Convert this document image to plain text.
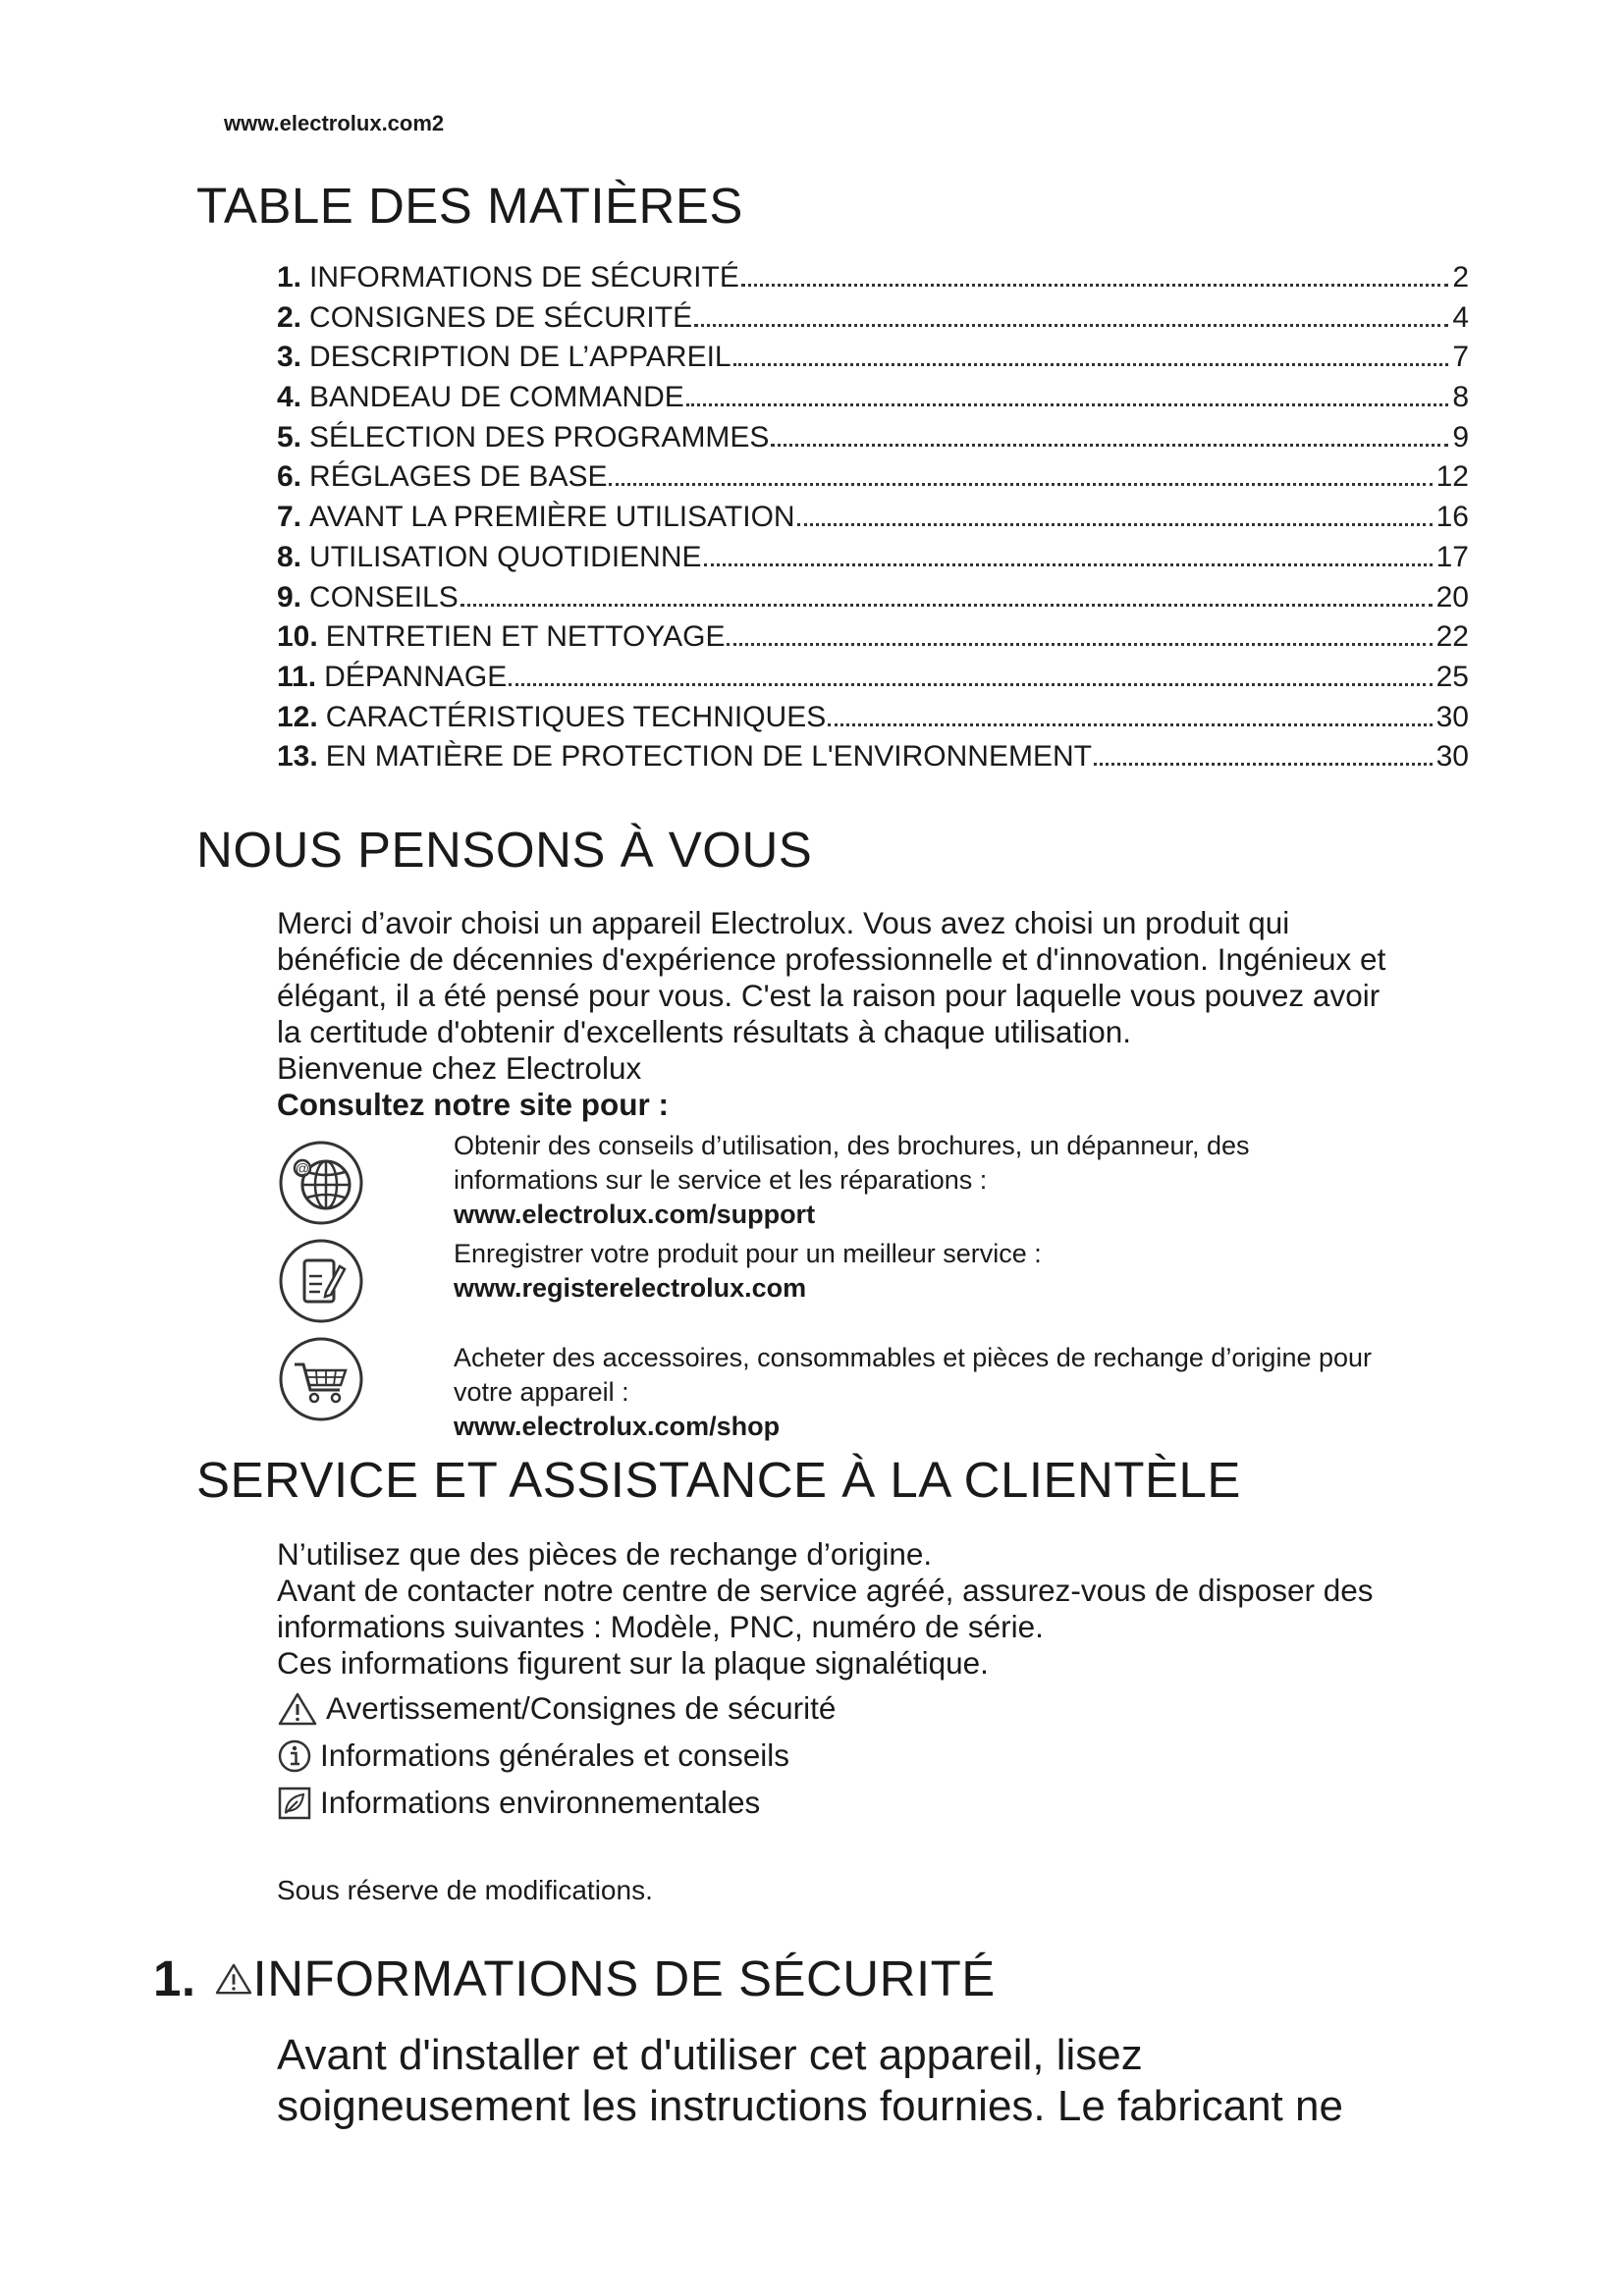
www.electrolux.com2
TABLE DES MATIÈRES
1. INFORMATIONS DE SÉCURITÉ	2
2. CONSIGNES DE SÉCURITÉ	4
3. DESCRIPTION DE L’APPAREIL	7
4. BANDEAU DE COMMANDE	8
5. SÉLECTION DES PROGRAMMES	9
6. RÉGLAGES DE BASE	12
7. AVANT LA PREMIÈRE UTILISATION	16
8. UTILISATION QUOTIDIENNE	17
9. CONSEILS	20
10. ENTRETIEN ET NETTOYAGE	22
11. DÉPANNAGE	25
12. CARACTÉRISTIQUES TECHNIQUES	30
13. EN MATIÈRE DE PROTECTION DE L'ENVIRONNEMENT	30
NOUS PENSONS À VOUS

Merci d’avoir choisi un appareil Electrolux. Vous avez choisi un produit qui

bénéficie de décennies d'expérience professionnelle et d'innovation. Ingénieux et

élégant, il a été pensé pour vous. C'est la raison pour laquelle vous pouvez avoir

la certitude d'obtenir d'excellents résultats à chaque utilisation.

Bienvenue chez Electrolux

Consultez notre site pour :

@
Obtenir des conseils d’utilisation, des brochures, un dépanneur, des
informations sur le service et les réparations :
www.electrolux.com/support
Enregistrer votre produit pour un meilleur service :
www.registerelectrolux.com
Acheter des accessoires, consommables et pièces de rechange d’origine pour
votre appareil :
www.electrolux.com/shop
SERVICE ET ASSISTANCE À LA CLIENTÈLE

N’utilisez que des pièces de rechange d’origine.

Avant de contacter notre centre de service agréé, assurez-vous de disposer des

informations suivantes : Modèle, PNC, numéro de série.

Ces informations figurent sur la plaque signalétique.

Avertissement/Consignes de sécurité
Informations générales et conseils
Informations environnementales
Sous réserve de modifications.
1. INFORMATIONS DE SÉCURITÉ
Avant d'installer et d'utiliser cet appareil, lisez
soigneusement les instructions fournies. Le fabricant ne
